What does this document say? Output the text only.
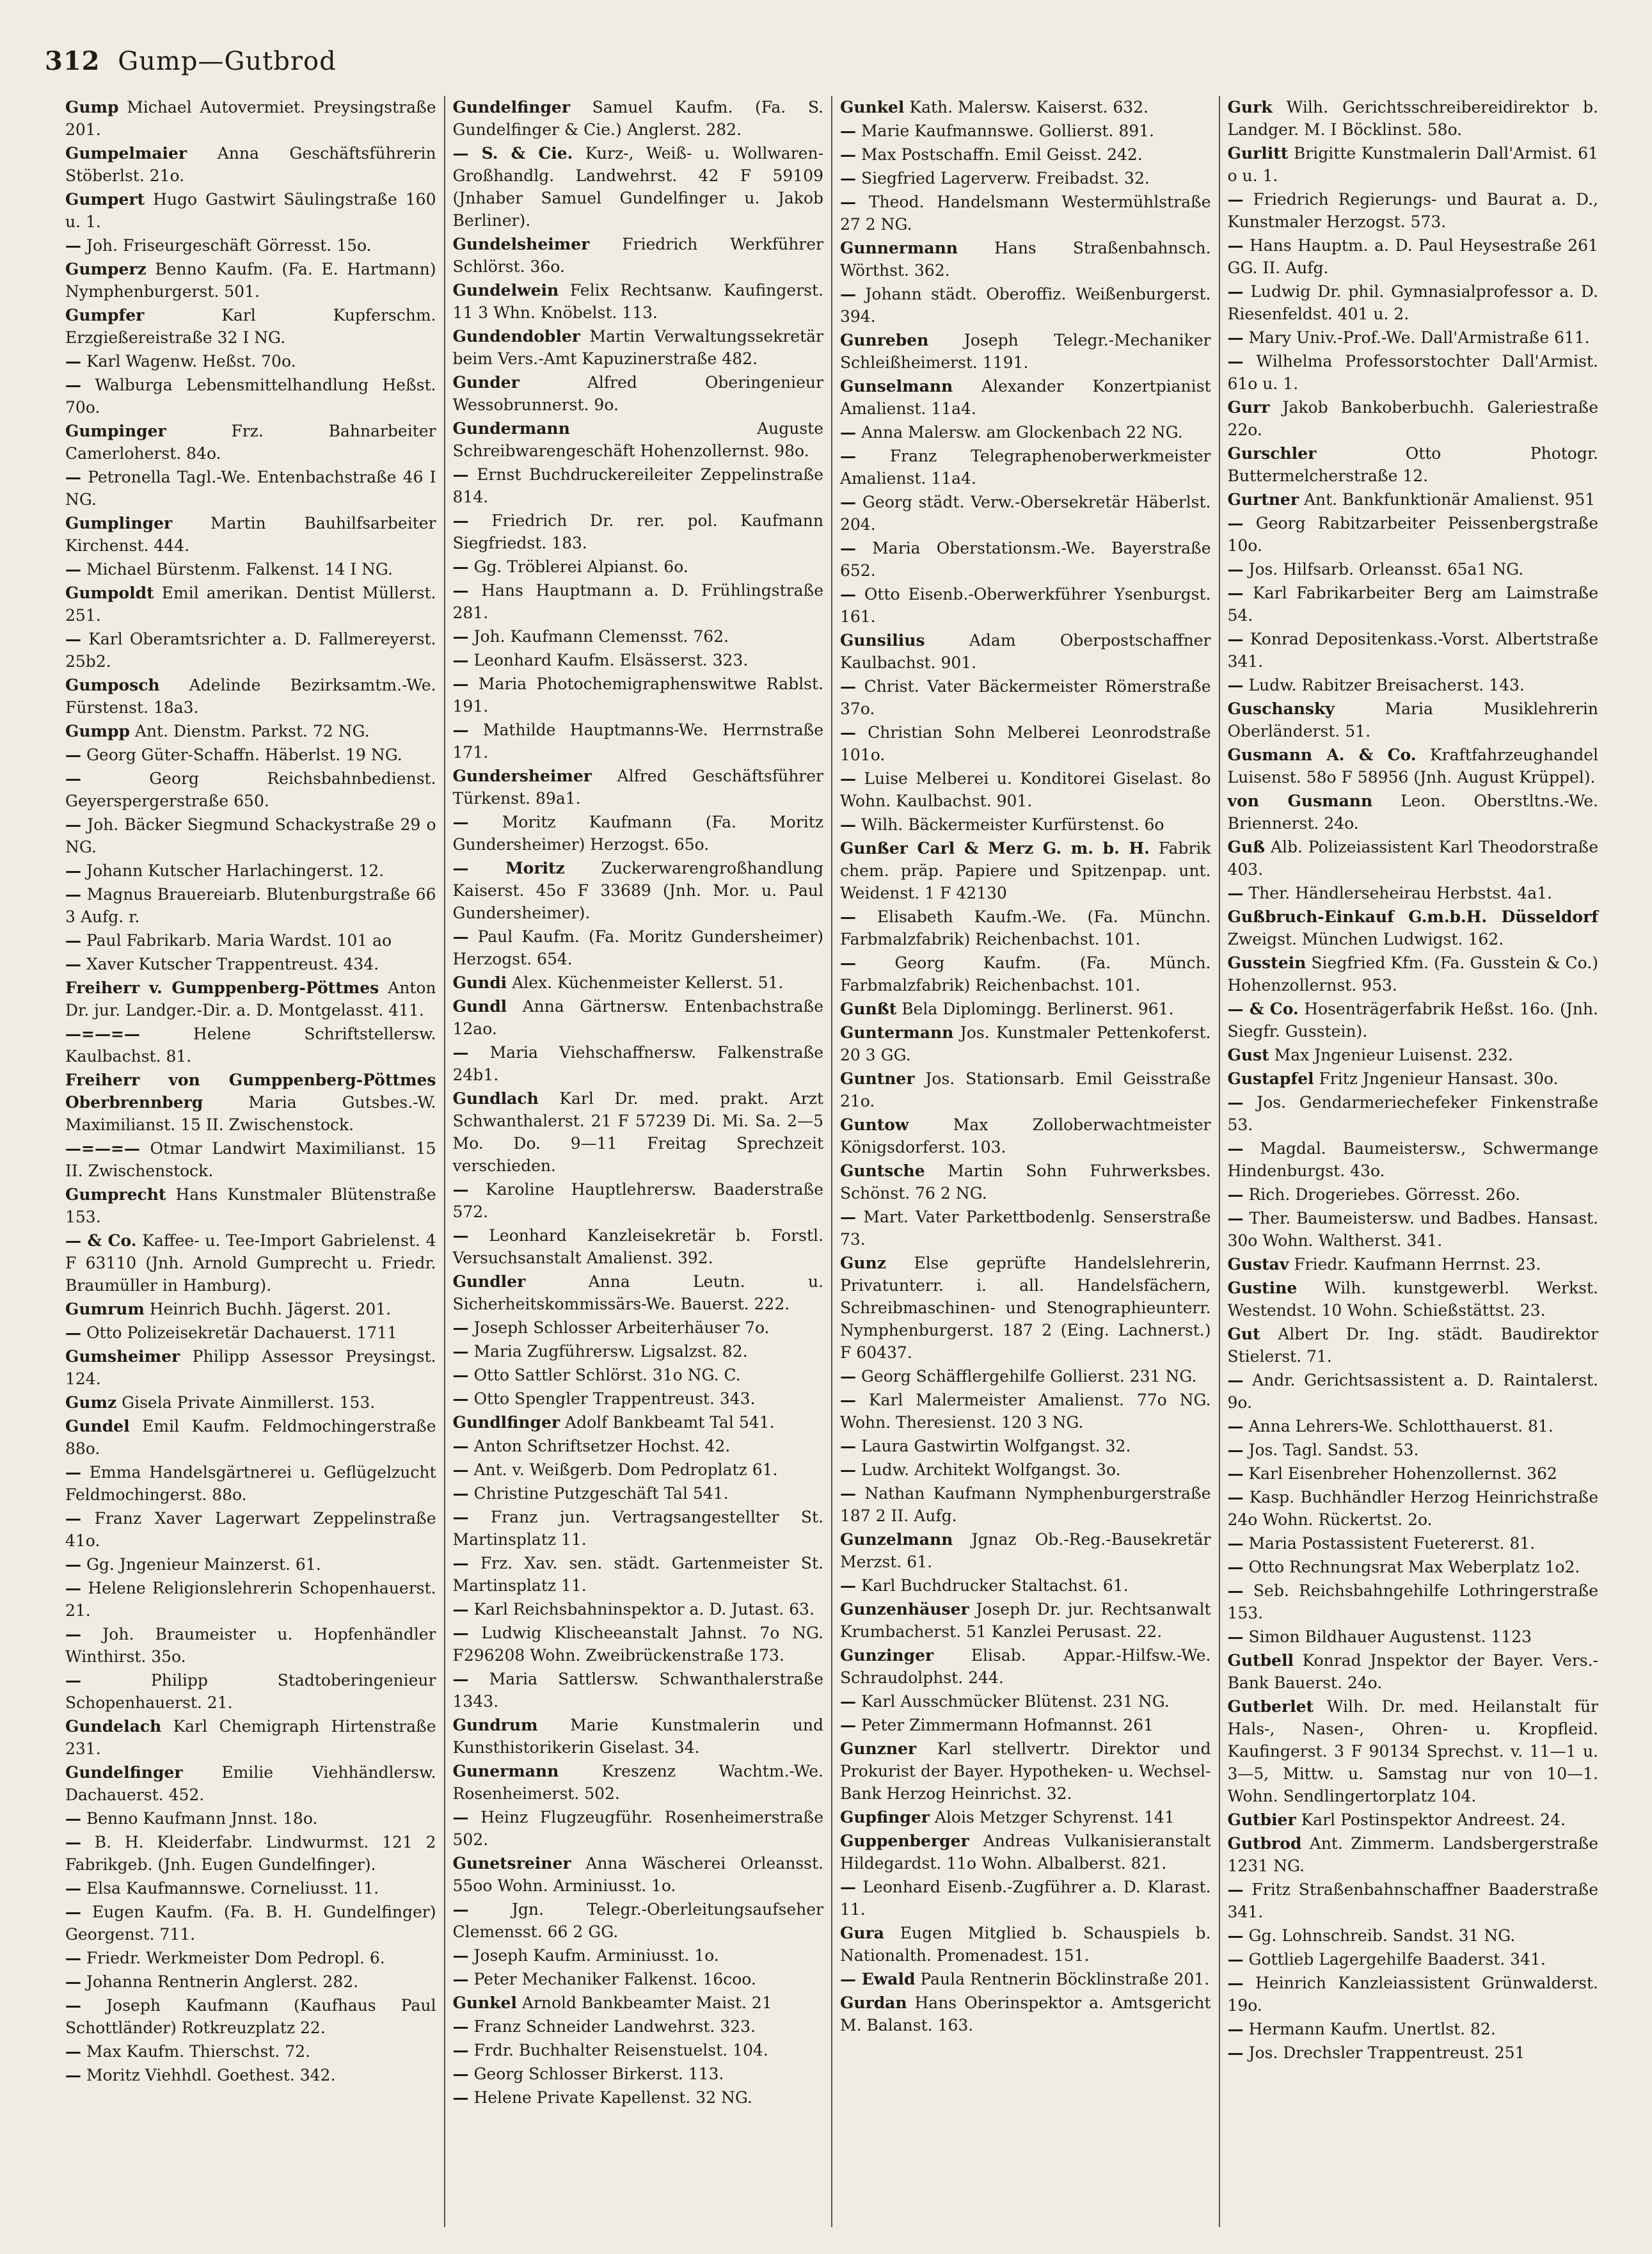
312 Gump—Gutbrod

Gump Michael Autovermiet. Preysingstraße 201.

Gumpelmaier Anna Geschäftsführerin Stöberlst. 21o.

Gumpert Hugo Gastwirt Säulingstraße 160 u. 1.

— Joh. Friseurgeschäft Görresst. 15o.

Gumperz Benno Kaufm. (Fa. E. Hartmann) Nymphenburgerst. 501.

Gumpfer	Karl Kupferschm. Erzgießereistraße 32 I NG.

— Karl Wagenw. Heßst. 70o.

— Walburga Lebensmittelhandlung Heßst. 70o.

Gumpinger	Frz. Bahnarbeiter Camerloherst. 84o.

— Petronella Tagl.-We. Entenbachstraße 46 I NG.

Gumplinger Martin Bauhilfsarbeiter Kirchenst. 444.

— Michael Bürstenm. Falkenst. 14 I NG.

Gumpoldt Emil amerikan. Dentist Müllerst. 251.

— Karl Oberamtsrichter a. D. Fallmereyerst. 25b2.

Gumposch Adelinde Bezirksamtm.-We. Fürstenst. 18a3.

Gumpp Ant. Dienstm. Parkst. 72 NG.

— Georg Güter-Schaffn. Häberlst. 19 NG.

—	Georg Reichsbahnbedienst. Geyerspergerstraße 650.

— Joh. Bäcker Siegmund Schackystraße 29 o NG.

— Johann Kutscher Harlachingerst. 12.

— Magnus Brauereiarb. Blutenburgstraße 66 3 Aufg. r.

— Paul Fabrikarb. Maria Wardst. 101 ao

— Xaver Kutscher Trappentreust. 434.

Freiherr v. Gumppenberg-Pöttmes Anton Dr. jur. Landger.-Dir. a. D. Montgelasst. 411.

—=—=—	Helene Schriftstellersw. Kaulbachst. 81.

Freiherr von Gumppenberg-Pöttmes Oberbrennberg	Maria Gutsbes.-W. Maximilianst. 15 II. Zwischenstock.

—=—=— Otmar Landwirt Maximilianst. 15 II. Zwischenstock.

Gumprecht Hans Kunstmaler Blütenstraße 153.

— & Co. Kaffee- u. Tee-Import Gabrielenst. 4 F 63110 (Jnh. Arnold Gumprecht u. Friedr. Braumüller in Hamburg).

Gumrum Heinrich Buchh. Jägerst. 201.

— Otto Polizeisekretär Dachauerst. 1711

Gumsheimer Philipp Assessor Preysingst. 124.

Gumz Gisela Private Ainmillerst. 153.

Gundel Emil Kaufm. Feldmochingerstraße 88o.

— Emma Handelsgärtnerei u. Geflügelzucht Feldmochingerst. 88o.

— Franz Xaver Lagerwart Zeppelinstraße 41o.

— Gg. Jngenieur Mainzerst. 61.

— Helene Religionslehrerin Schopenhauerst. 21.

— Joh. Braumeister u. Hopfenhändler Winthirst. 35o.

—	Philipp Stadtoberingenieur Schopenhauerst. 21.

Gundelach Karl Chemigraph Hirtenstraße 231.

Gundelfinger Emilie Viehhändlersw. Dachauerst. 452.

— Benno Kaufmann Jnnst. 18o.

— B. H. Kleiderfabr. Lindwurmst. 121 2 Fabrikgeb. (Jnh. Eugen Gundelfinger).

— Elsa Kaufmannswe. Corneliusst. 11.

— Eugen Kaufm. (Fa. B. H. Gundelfinger) Georgenst. 711.

— Friedr. Werkmeister Dom Pedropl. 6.

— Johanna Rentnerin Anglerst. 282.

— Joseph Kaufmann (Kaufhaus Paul Schottländer) Rotkreuzplatz 22.

— Max Kaufm. Thierschst. 72.

— Moritz Viehhdl. Goethest. 342.

Gundelfinger Samuel Kaufm. (Fa. S. Gundelfinger & Cie.) Anglerst. 282.

— S. & Cie. Kurz-, Weiß- u. Wollwaren-Großhandlg. Landwehrst. 42 F 59109 (Jnhaber Samuel Gundelfinger u. Jakob Berliner).

Gundelsheimer Friedrich Werkführer Schlörst. 36o.

Gundelwein Felix Rechtsanw. Kaufingerst. 11 3 Whn. Knöbelst. 113.

Gundendobler Martin Verwaltungssekretär beim Vers.-Amt Kapuzinerstraße 482.

Gunder	Alfred Oberingenieur Wessobrunnerst. 9o.

Gundermann	Auguste Schreibwarengeschäft Hohenzollernst. 98o.

— Ernst Buchdruckereileiter Zeppelinstraße 814.

— Friedrich Dr. rer. pol. Kaufmann Siegfriedst. 183.

— Gg. Tröblerei Alpianst. 6o.

— Hans Hauptmann a. D. Frühlingstraße 281.

— Joh. Kaufmann Clemensst. 762.

— Leonhard Kaufm. Elsässerst. 323.

— Maria Photochemigraphenswitwe Rablst. 191.

— Mathilde Hauptmanns-We. Herrnstraße 171.

Gundersheimer Alfred Geschäftsführer Türkenst. 89a1.

— Moritz Kaufmann (Fa. Moritz Gundersheimer) Herzogst. 65o.

— Moritz Zuckerwarengroßhandlung Kaiserst. 45o F 33689 (Jnh. Mor. u. Paul Gundersheimer).

— Paul Kaufm. (Fa. Moritz Gundersheimer) Herzogst. 654.

Gundi Alex. Küchenmeister Kellerst. 51.

Gundl Anna Gärtnersw. Entenbachstraße 12ao.

— Maria Viehschaffnersw. Falkenstraße 24b1.

Gundlach Karl Dr. med. prakt. Arzt Schwanthalerst. 21 F 57239 Di. Mi. Sa. 2—5 Mo. Do. 9—11 Freitag Sprechzeit verschieden.

— Karoline Hauptlehrersw. Baaderstraße 572.

— Leonhard Kanzleisekretär b. Forstl. Versuchsanstalt Amalienst. 392.

Gundler	Anna Leutn. u. Sicherheitskommissärs-We. Bauerst. 222.

— Joseph Schlosser Arbeiterhäuser 7o.

— Maria Zugführersw. Ligsalzst. 82.

— Otto Sattler Schlörst. 31o NG. C.

— Otto Spengler Trappentreust. 343.

Gundlfinger Adolf Bankbeamt Tal 541.

— Anton Schriftsetzer Hochst. 42.

— Ant. v. Weißgerb. Dom Pedroplatz 61.

— Christine Putzgeschäft Tal 541.

— Franz jun. Vertragsangestellter St. Martinsplatz 11.

— Frz. Xav. sen. städt. Gartenmeister St. Martinsplatz 11.

— Karl Reichsbahninspektor a. D. Jutast. 63.

— Ludwig Klischeeanstalt Jahnst. 7o NG. F296208 Wohn. Zweibrückenstraße 173.

— Maria Sattlersw. Schwanthalerstraße 1343.

Gundrum Marie Kunstmalerin und Kunsthistorikerin Giselast. 34.

Gunermann	Kreszenz Wachtm.-We. Rosenheimerst. 502.

— Heinz Flugzeugführ. Rosenheimerstraße 502.

Gunetsreiner Anna Wäscherei Orleansst. 55oo Wohn. Arminiusst. 1o.

—	Jgn. Telegr.-Oberleitungsaufseher Clemensst. 66 2 GG.

— Joseph Kaufm. Arminiusst. 1o.

— Peter Mechaniker Falkenst. 16coo.

Gunkel Arnold Bankbeamter Maist. 21

— Franz Schneider Landwehrst. 323.

— Frdr. Buchhalter Reisenstuelst. 104.

— Georg Schlosser Birkerst. 113.

— Helene Private Kapellenst. 32 NG.

Gunkel Kath. Malersw. Kaiserst. 632.

— Marie Kaufmannswe. Gollierst. 891.

— Max Postschaffn. Emil Geisst. 242.

— Siegfried Lagerverw. Freibadst. 32.

— Theod. Handelsmann Westermühlstraße 27 2 NG.

Gunnermann Hans Straßenbahnsch. Wörthst. 362.

— Johann städt. Oberoffiz. Weißenburgerst. 394.

Gunreben Joseph Telegr.-Mechaniker Schleißheimerst. 1191.

Gunselmann Alexander Konzertpianist Amalienst. 11a4.

— Anna Malersw. am Glockenbach 22 NG.

— Franz Telegraphenoberwerkmeister Amalienst. 11a4.

— Georg städt. Verw.-Obersekretär Häberlst. 204.

— Maria Oberstationsm.-We. Bayerstraße 652.

— Otto Eisenb.-Oberwerkführer Ysenburgst. 161.

Gunsilius	Adam Oberpostschaffner Kaulbachst. 901.

— Christ. Vater Bäckermeister Römerstraße 37o.

— Christian Sohn Melberei Leonrodstraße 101o.

— Luise Melberei u. Konditorei Giselast. 8o Wohn. Kaulbachst. 901.

— Wilh. Bäckermeister Kurfürstenst. 6o

Gunßer Carl & Merz G. m. b. H. Fabrik chem. präp. Papiere und Spitzenpap. unt. Weidenst. 1 F 42130

— Elisabeth Kaufm.-We. (Fa. Münchn. Farbmalzfabrik) Reichenbachst. 101.

— Georg Kaufm. (Fa. Münch. Farbmalzfabrik) Reichenbachst. 101.

Gunßt Bela Diplomingg. Berlinerst. 961.

Guntermann Jos. Kunstmaler Pettenkoferst. 20 3 GG.

Guntner Jos. Stationsarb. Emil Geisstraße 21o.

Guntow	Max Zolloberwachtmeister Königsdorferst. 103.

Guntsche Martin Sohn Fuhrwerksbes. Schönst. 76 2 NG.

— Mart. Vater Parkettbodenlg. Senserstraße 73.

Gunz Else geprüfte Handelslehrerin, Privatunterr. i. all. Handelsfächern, Schreibmaschinen- und Stenographieunterr. Nymphenburgerst. 187 2 (Eing. Lachnerst.) F 60437.

— Georg Schäfflergehilfe Gollierst. 231 NG.

— Karl Malermeister Amalienst. 77o NG. Wohn. Theresienst. 120 3 NG.

— Laura Gastwirtin Wolfgangst. 32.

— Ludw. Architekt Wolfgangst. 3o.

— Nathan Kaufmann Nymphenburgerstraße 187 2 II. Aufg.

Gunzelmann Jgnaz Ob.-Reg.-Bausekretär Merzst. 61.

— Karl Buchdrucker Staltachst. 61.

Gunzenhäuser Joseph Dr. jur. Rechtsanwalt Krumbacherst. 51 Kanzlei Perusast. 22.

Gunzinger Elisab. Appar.-Hilfsw.-We. Schraudolphst. 244.

— Karl Ausschmücker Blütenst. 231 NG.

— Peter Zimmermann Hofmannst. 261

Gunzner Karl stellvertr. Direktor und Prokurist der Bayer. Hypotheken- u. Wechsel-Bank Herzog Heinrichst. 32.

Gupfinger Alois Metzger Schyrenst. 141

Guppenberger Andreas Vulkanisieranstalt Hildegardst. 11o Wohn. Albalberst. 821.

— Leonhard Eisenb.-Zugführer a. D. Klarast. 11.

Gura Eugen Mitglied b. Schauspiels b. Nationalth. Promenadest. 151.

— Ewald Paula Rentnerin Böcklinstraße 201.

Gurdan Hans Oberinspektor a. Amtsgericht M. Balanst. 163.

Gurk Wilh. Gerichtsschreibereidirektor b. Landger. M. I Böcklinst. 58o.

Gurlitt Brigitte Kunstmalerin Dall'Armist. 61 o u. 1.

— Friedrich Regierungs- und Baurat a. D., Kunstmaler Herzogst. 573.

— Hans Hauptm. a. D. Paul Heysestraße 261 GG. II. Aufg.

— Ludwig Dr. phil. Gymnasialprofessor a. D. Riesenfeldst. 401 u. 2.

— Mary Univ.-Prof.-We. Dall'Armistraße 611.

— Wilhelma Professorstochter Dall'Armist. 61o u. 1.

Gurr Jakob Bankoberbuchh. Galeriestraße 22o.

Gurschler	Otto Photogr. Buttermelcherstraße 12.

Gurtner Ant. Bankfunktionär Amalienst. 951

— Georg Rabitzarbeiter Peissenbergstraße 10o.

— Jos. Hilfsarb. Orleansst. 65a1 NG.

— Karl Fabrikarbeiter Berg am Laimstraße 54.

— Konrad Depositenkass.-Vorst. Albertstraße 341.

— Ludw. Rabitzer Breisacherst. 143.

Guschansky	Maria Musiklehrerin Oberländerst. 51.

Gusmann A. & Co. Kraftfahrzeughandel Luisenst. 58o F 58956 (Jnh. August Krüppel).

von Gusmann Leon. Oberstltns.-We. Briennerst. 24o.

Guß Alb. Polizeiassistent Karl Theodorstraße 403.

— Ther. Händlerseheirau Herbstst. 4a1.

Gußbruch-Einkauf G.m.b.H. Düsseldorf Zweigst. München Ludwigst. 162.

Gusstein Siegfried Kfm. (Fa. Gusstein & Co.) Hohenzollernst. 953.

— & Co. Hosenträgerfabrik Heßst. 16o. (Jnh. Siegfr. Gusstein).

Gust Max Jngenieur Luisenst. 232.

Gustapfel Fritz Jngenieur Hansast. 30o.

— Jos. Gendarmeriechefeker Finkenstraße 53.

— Magdal. Baumeistersw., Schwermange Hindenburgst. 43o.

— Rich. Drogeriebes. Görresst. 26o.

— Ther. Baumeistersw. und Badbes. Hansast. 30o Wohn. Waltherst. 341.

Gustav Friedr. Kaufmann Herrnst. 23.

Gustine Wilh. kunstgewerbl. Werkst. Westendst. 10 Wohn. Schießstättst. 23.

Gut Albert Dr. Ing. städt. Baudirektor Stielerst. 71.

— Andr. Gerichtsassistent a. D. Raintalerst. 9o.

— Anna Lehrers-We. Schlotthauerst. 81.

— Jos. Tagl. Sandst. 53.

— Karl Eisenbreher Hohenzollernst. 362

— Kasp. Buchhändler Herzog Heinrichstraße 24o Wohn. Rückertst. 2o.

— Maria Postassistent Fuetererst. 81.

— Otto Rechnungsrat Max Weberplatz 1o2.

— Seb. Reichsbahngehilfe Lothringerstraße 153.

— Simon Bildhauer Augustenst. 1123

Gutbell Konrad Jnspektor der Bayer. Vers.-Bank Bauerst. 24o.

Gutberlet Wilh. Dr. med. Heilanstalt für Hals-, Nasen-, Ohren- u. Kropfleid. Kaufingerst. 3 F 90134 Sprechst. v. 11—1 u. 3—5, Mittw. u. Samstag nur von 10—1. Wohn. Sendlingertorplatz 104.

Gutbier Karl Postinspektor Andreest. 24.

Gutbrod Ant. Zimmerm. Landsbergerstraße 1231 NG.

— Fritz Straßenbahnschaffner Baaderstraße 341.

— Gg. Lohnschreib. Sandst. 31 NG.

— Gottlieb Lagergehilfe Baaderst. 341.

— Heinrich Kanzleiassistent Grünwalderst. 19o.

— Hermann Kaufm. Unertlst. 82.

— Jos. Drechsler Trappentreust. 251
